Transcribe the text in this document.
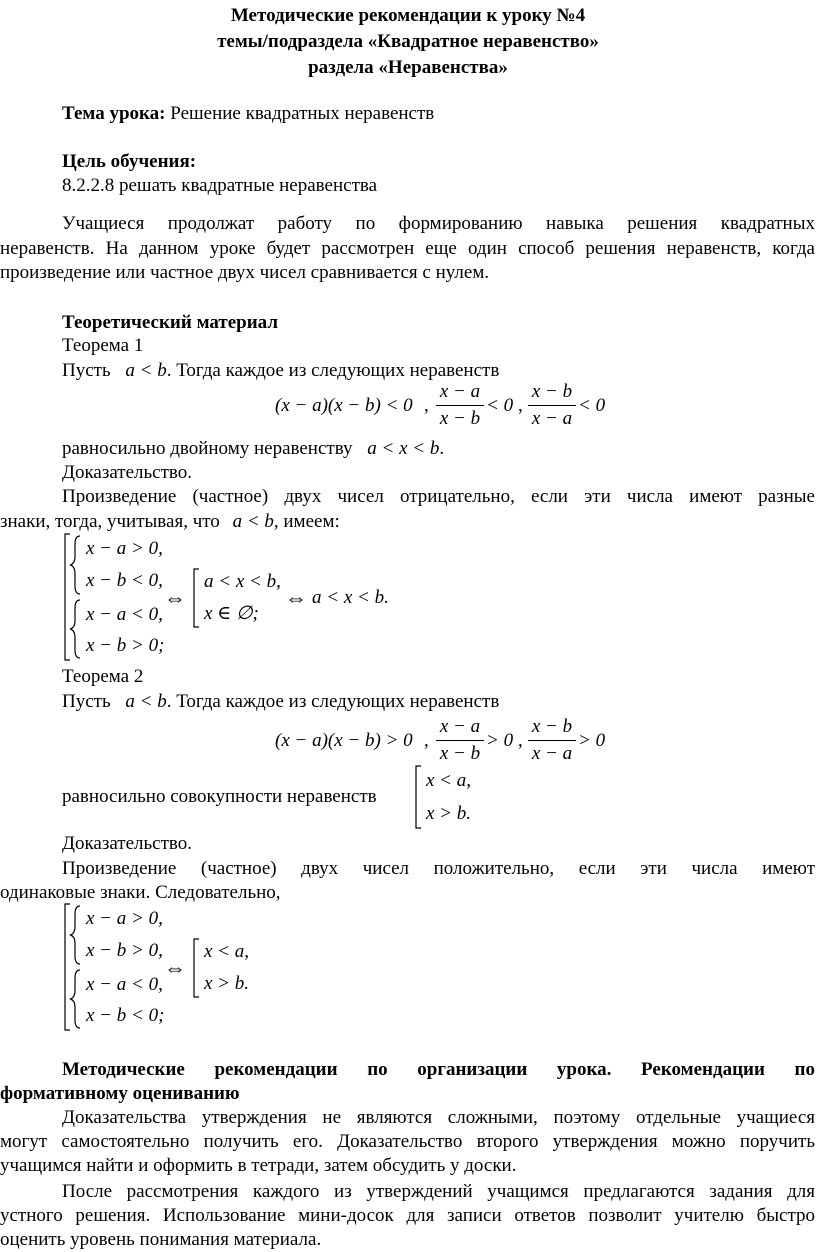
Методические рекомендации к уроку №4
темы/подраздела «Квадратное неравенство»
раздела «Неравенства»
Тема урока: Решение квадратных неравенств
Цель обучения:
8.2.2.8 решать квадратные неравенства
Учащиеся продолжат работу по формированию навыка решения квадратных
неравенств. На данном уроке будет рассмотрен еще один способ решения неравенств, когда
произведение или частное двух чисел сравнивается с нулем.
Теоретический материал
Теорема 1
Пусть a < b. Тогда каждое из следующих неравенств
(x − a)(x − b) < 0 ,
x − a
x − b
< 0 ,
x − b
x − a
< 0
равносильно двойному неравенству a < x < b.
Доказательство.
Произведение (частное) двух чисел отрицательно, если эти числа имеют разные
знаки, тогда, учитывая, что a < b, имеем:
x − a > 0,
x − b < 0,
x − a < 0,
x − b > 0;
⇔
a < x < b,
x ∈ ∅;
⇔ a < x < b.
Теорема 2
Пусть a < b. Тогда каждое из следующих неравенств
(x − a)(x − b) > 0 ,
x − a
x − b
> 0 ,
x − b
x − a
> 0
равносильно совокупности неравенств
x < a,
x > b.
Доказательство.
Произведение (частное) двух чисел положительно, если эти числа имеют
одинаковые знаки. Следовательно,
x − a > 0,
x − b > 0,
x − a < 0,
x − b < 0;
⇔
x < a,
x > b.
Методические рекомендации по организации урока. Рекомендации по
формативному оцениванию
Доказательства утверждения не являются сложными, поэтому отдельные учащиеся
могут самостоятельно получить его. Доказательство второго утверждения можно поручить
учащимся найти и оформить в тетради, затем обсудить у доски.
После рассмотрения каждого из утверждений учащимся предлагаются задания для
устного решения. Использование мини-досок для записи ответов позволит учителю быстро
оценить уровень понимания материала.
